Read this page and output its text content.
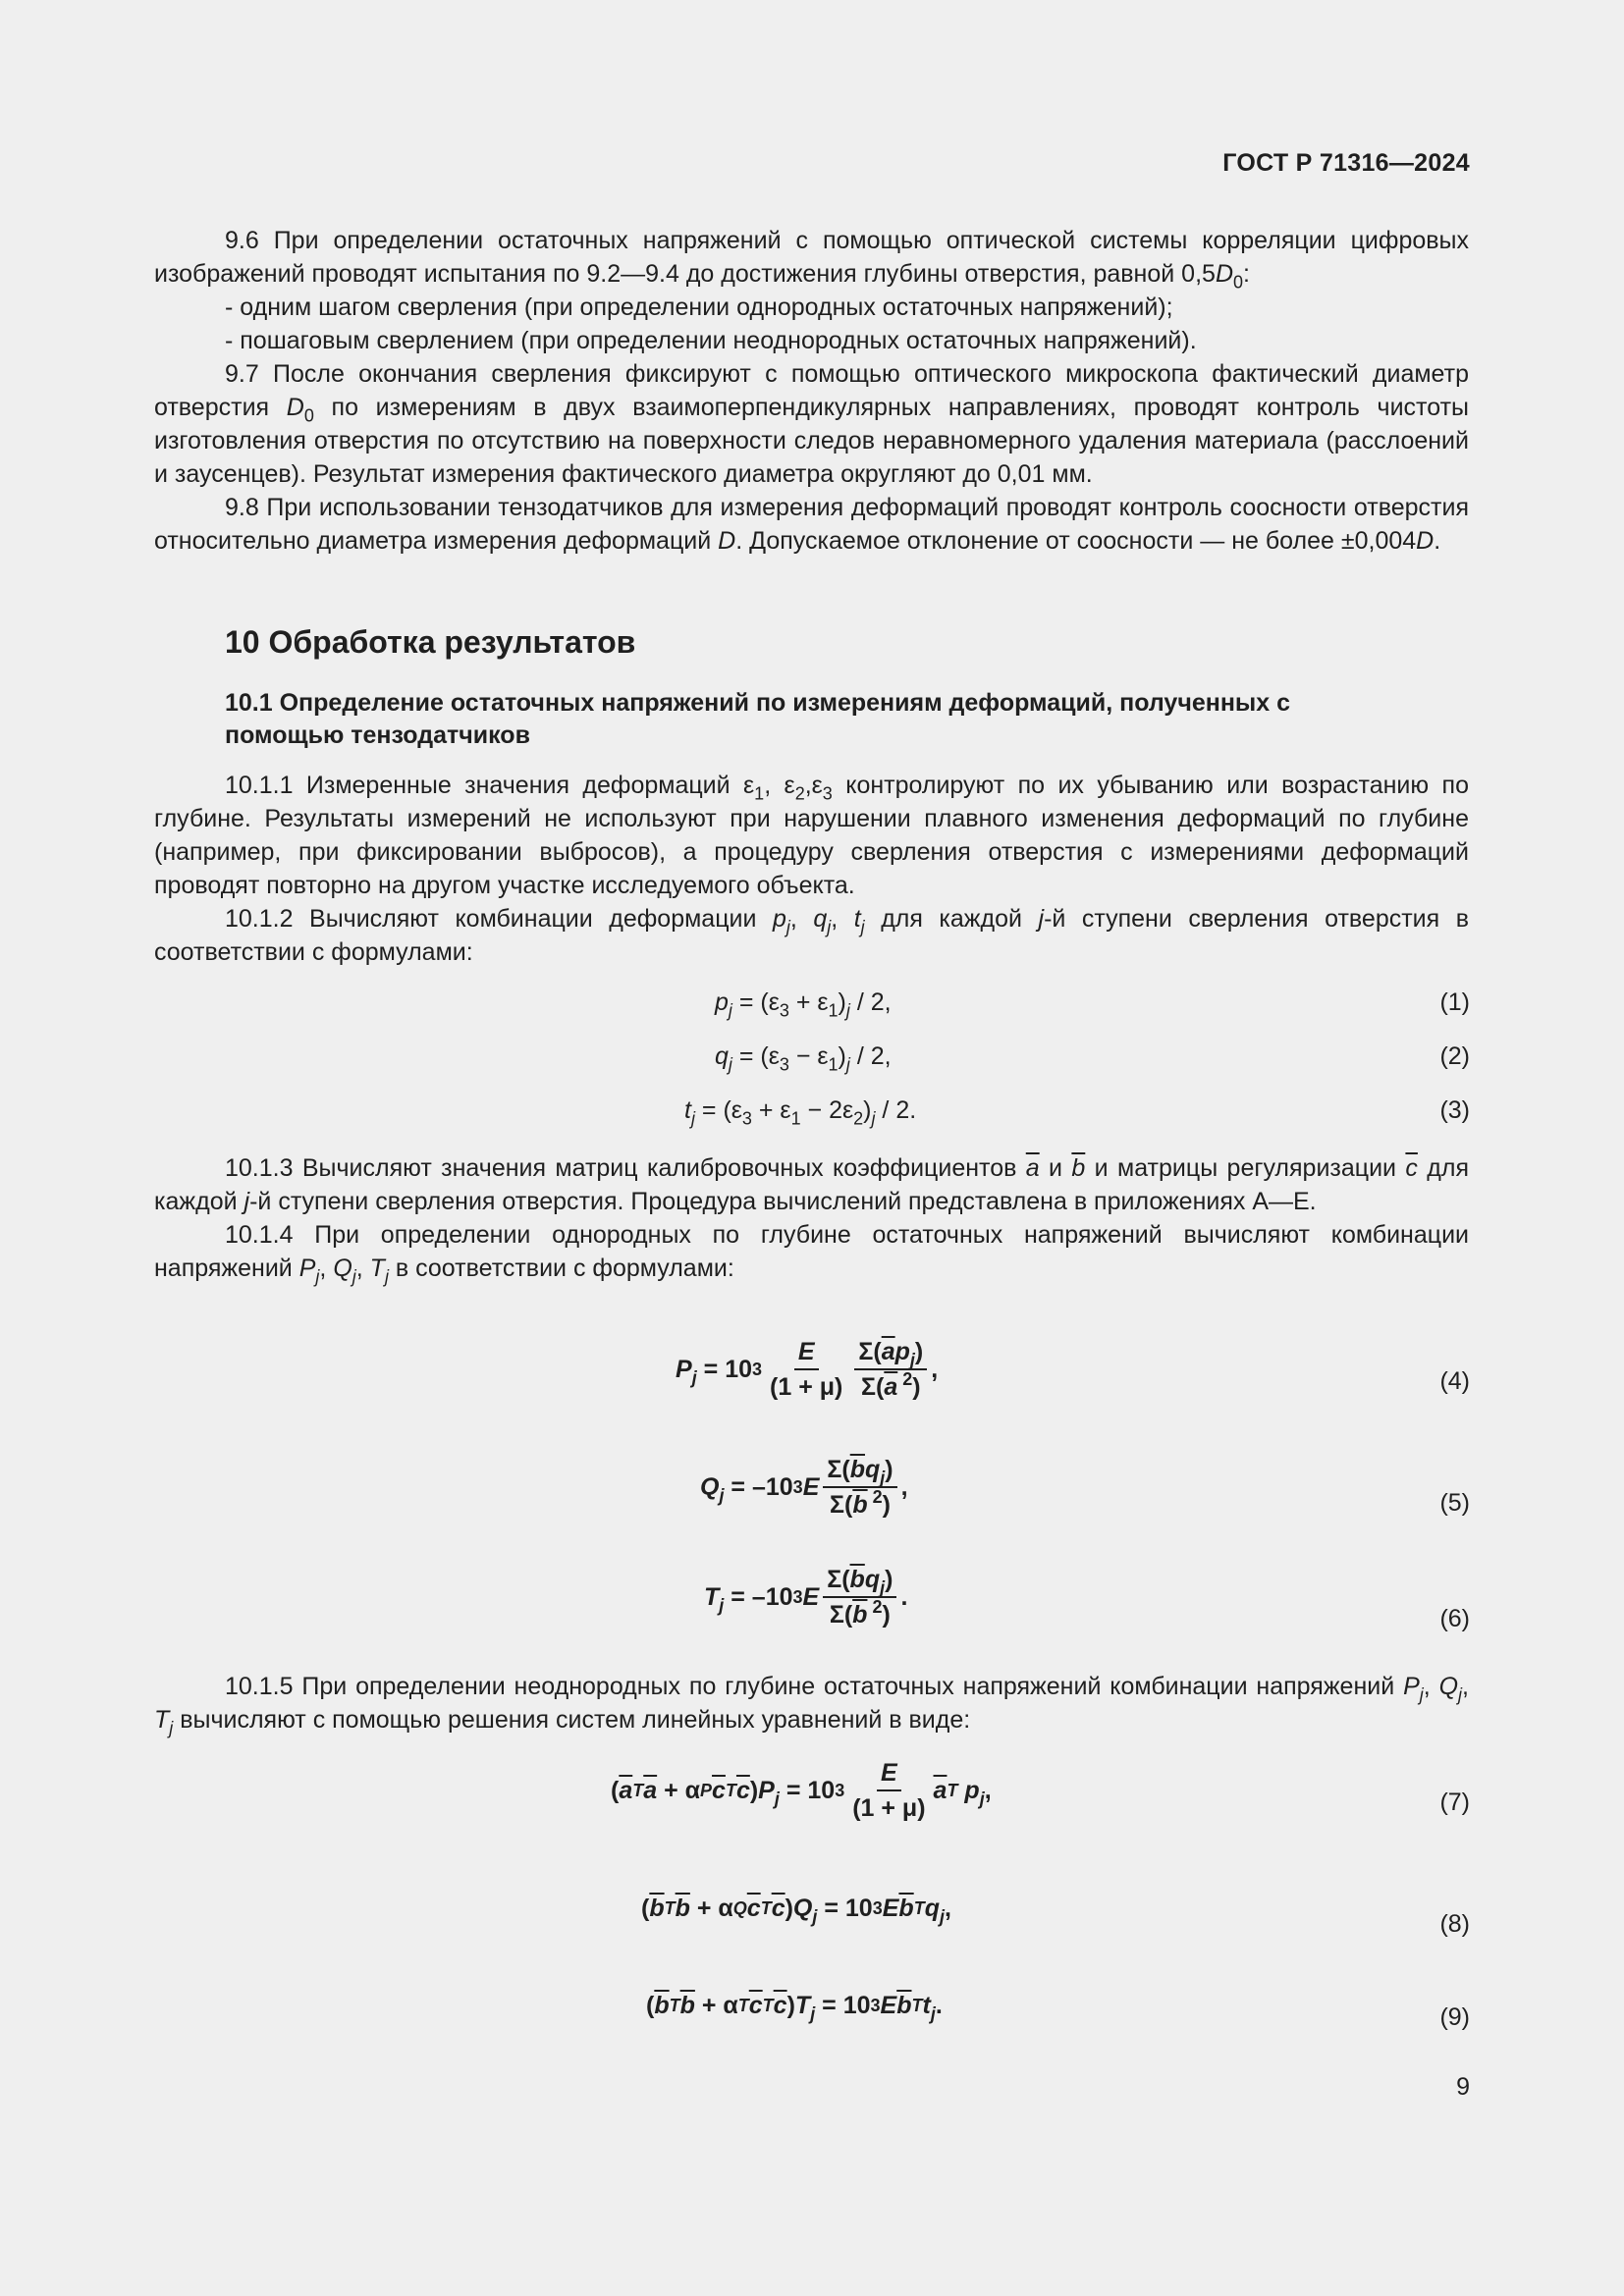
ГОСТ Р 71316—2024

9.6 При определении остаточных напряжений с помощью оптической системы корреляции цифровых изображений проводят испытания по 9.2—9.4 до достижения глубины отверстия, равной $0,5D_0$:

- одним шагом сверления (при определении однородных остаточных напряжений);

- пошаговым сверлением (при определении неоднородных остаточных напряжений).

9.7 После окончания сверления фиксируют с помощью оптического микроскопа фактический диаметр отверстия $D_0$ по измерениям в двух взаимоперпендикулярных направлениях, проводят контроль чистоты изготовления отверстия по отсутствию на поверхности следов неравномерного удаления материала (расслоений и заусенцев). Результат измерения фактического диаметра округляют до 0,01 мм.

9.8 При использовании тензодатчиков для измерения деформаций проводят контроль соосности отверстия относительно диаметра измерения деформаций D. Допускаемое отклонение от соосности — не более ±0,004D.

10 Обработка результатов
10.1 Определение остаточных напряжений по измерениям деформаций, полученных с помощью тензодатчиков

10.1.1 Измеренные значения деформаций $\varepsilon_1$, $\varepsilon_2,\varepsilon_3$ контролируют по их убыванию или возрастанию по глубине. Результаты измерений не используют при нарушении плавного изменения деформаций по глубине (например, при фиксировании выбросов), а процедуру сверления отверстия с измерениями деформаций проводят повторно на другом участке исследуемого объекта.

10.1.2 Вычисляют комбинации деформации $p_j$, $q_j$, $t_j$ для каждой j-й ступени сверления отверстия в соответствии с формулами:

$p_j = (\varepsilon_3 + \varepsilon_1)_j / 2$,	(1)
$q_j = (\varepsilon_3 - \varepsilon_1)_j / 2$,	(2)
$t_j = (\varepsilon_3 + \varepsilon_1 - 2\varepsilon_2)_j / 2$.	(3)

10.1.3 Вычисляют значения матриц калибровочных коэффициентов $\overline{a}$ и $\overline{b}$ и матрицы регуляризации $\overline{c}$ для каждой j-й ступени сверления отверстия. Процедура вычислений представлена в приложениях А—Е.

10.1.4 При определении однородных по глубине остаточных напряжений вычисляют комбинации напряжений $P_j$, $Q_j$, $T_j$ в соответствии с формулами:

$P_j = 10$ $3 \frac{E}{(1 + \mu)} \frac{\Sigma(\overline{a}p_j)}{\Sigma(\overline{a} ^2)}$ ,	(4)
$Q_j = -10$ 3 E $\frac{\Sigma(\overline{b}q_j)}{\Sigma(\overline{b} ^2)}$ ,
(5)
$T_j = -10$ 3 E $\frac{\Sigma(\overline{b}q_j)}{\Sigma(\overline{b} ^2)}$ .
(6)

10.1.5 При определении неоднородных по глубине остаточных напряжений комбинации напряжений $P_j$, $Q_j$, $T_j$ вычисляют с помощью решения систем линейных уравнений в виде:

( $\overline{a}$ T $\overline{a} + \alpha$ P $\overline{c}$ T $\overline{c}$ ) $P_j = 10$ $3 \frac{E}{(1 + \mu)} \overline{a}$ T
$p_j$ ,	(7)
( $\overline{b}$ T $\overline{b} + \alpha$ Q $\overline{c}$ T $\overline{c}$ ) $Q_j = 10$ 3 E $\overline{b}$ T $q_j$ ,
(8)
( $\overline{b}$ T $\overline{b} + \alpha$ T $\overline{c}$ T $\overline{c}$ ) $T_j = 10$ 3 E $\overline{b}$ T $t_j$ .	(9)
9
